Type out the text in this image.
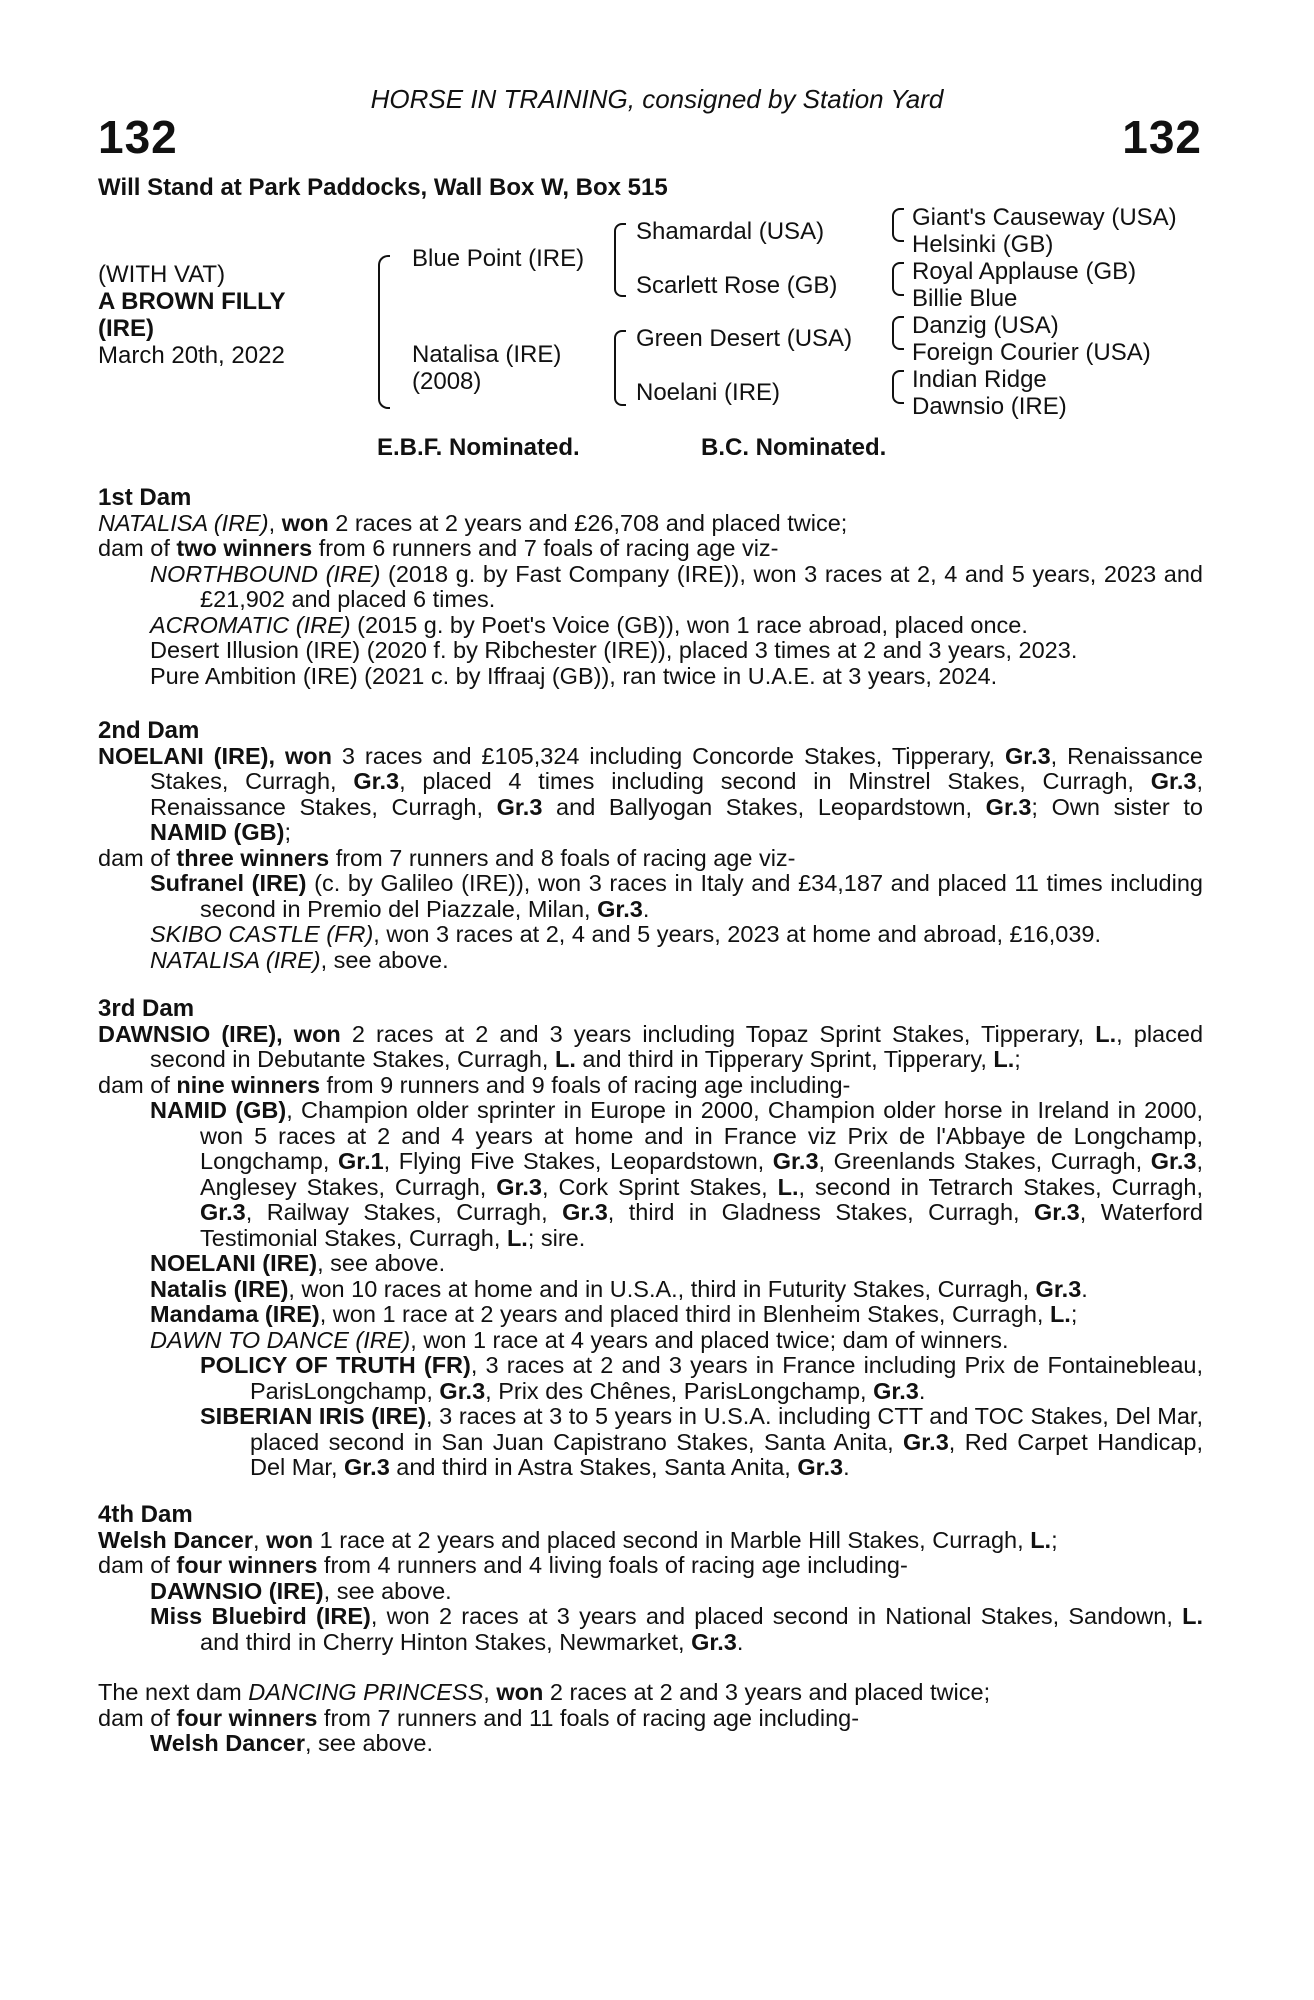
HORSE IN TRAINING, consigned by Station Yard
132	132
Will Stand at Park Paddocks, Wall Box W, Box 515
(WITH VAT)
A BROWN FILLY
(IRE)
March 20th, 2022
Blue Point (IRE)
Natalisa (IRE)
(2008)
Shamardal (USA)
Scarlett Rose (GB)
Green Desert (USA)
Noelani (IRE)
Giant's Causeway (USA)
Helsinki (GB)
Royal Applause (GB)
Billie Blue
Danzig (USA)
Foreign Courier (USA)
Indian Ridge
Dawnsio (IRE)
E.B.F. Nominated.	B.C. Nominated.
1st Dam
NATALISA (IRE), won 2 races at 2 years and £26,708 and placed twice;
dam of two winners from 6 runners and 7 foals of racing age viz-
NORTHBOUND (IRE) (2018 g. by Fast Company (IRE)), won 3 races at 2, 4 and 5 years, 2023 and £21,902 and placed 6 times.
ACROMATIC (IRE) (2015 g. by Poet's Voice (GB)), won 1 race abroad, placed once.
Desert Illusion (IRE) (2020 f. by Ribchester (IRE)), placed 3 times at 2 and 3 years, 2023.
Pure Ambition (IRE) (2021 c. by Iffraaj (GB)), ran twice in U.A.E. at 3 years, 2024.
2nd Dam
NOELANI (IRE), won 3 races and £105,324 including Concorde Stakes, Tipperary, Gr.3, Renaissance Stakes, Curragh, Gr.3, placed 4 times including second in Minstrel Stakes, Curragh, Gr.3, Renaissance Stakes, Curragh, Gr.3 and Ballyogan Stakes, Leopardstown, Gr.3; Own sister to NAMID (GB);
dam of three winners from 7 runners and 8 foals of racing age viz-
Sufranel (IRE) (c. by Galileo (IRE)), won 3 races in Italy and £34,187 and placed 11 times including second in Premio del Piazzale, Milan, Gr.3.
SKIBO CASTLE (FR), won 3 races at 2, 4 and 5 years, 2023 at home and abroad, £16,039.
NATALISA (IRE), see above.
3rd Dam
DAWNSIO (IRE), won 2 races at 2 and 3 years including Topaz Sprint Stakes, Tipperary, L., placed second in Debutante Stakes, Curragh, L. and third in Tipperary Sprint, Tipperary, L.;
dam of nine winners from 9 runners and 9 foals of racing age including-
NAMID (GB), Champion older sprinter in Europe in 2000, Champion older horse in Ireland in 2000, won 5 races at 2 and 4 years at home and in France viz Prix de l'Abbaye de Longchamp, Longchamp, Gr.1, Flying Five Stakes, Leopardstown, Gr.3, Greenlands Stakes, Curragh, Gr.3, Anglesey Stakes, Curragh, Gr.3, Cork Sprint Stakes, L., second in Tetrarch Stakes, Curragh, Gr.3, Railway Stakes, Curragh, Gr.3, third in Gladness Stakes, Curragh, Gr.3, Waterford Testimonial Stakes, Curragh, L.; sire.
NOELANI (IRE), see above.
Natalis (IRE), won 10 races at home and in U.S.A., third in Futurity Stakes, Curragh, Gr.3.
Mandama (IRE), won 1 race at 2 years and placed third in Blenheim Stakes, Curragh, L.;
DAWN TO DANCE (IRE), won 1 race at 4 years and placed twice; dam of winners.
POLICY OF TRUTH (FR), 3 races at 2 and 3 years in France including Prix de Fontainebleau, ParisLongchamp, Gr.3, Prix des Chênes, ParisLongchamp, Gr.3.
SIBERIAN IRIS (IRE), 3 races at 3 to 5 years in U.S.A. including CTT and TOC Stakes, Del Mar, placed second in San Juan Capistrano Stakes, Santa Anita, Gr.3, Red Carpet Handicap, Del Mar, Gr.3 and third in Astra Stakes, Santa Anita, Gr.3.
4th Dam
Welsh Dancer, won 1 race at 2 years and placed second in Marble Hill Stakes, Curragh, L.;
dam of four winners from 4 runners and 4 living foals of racing age including-
DAWNSIO (IRE), see above.
Miss Bluebird (IRE), won 2 races at 3 years and placed second in National Stakes, Sandown, L. and third in Cherry Hinton Stakes, Newmarket, Gr.3.
The next dam DANCING PRINCESS, won 2 races at 2 and 3 years and placed twice;
dam of four winners from 7 runners and 11 foals of racing age including-
Welsh Dancer, see above.
